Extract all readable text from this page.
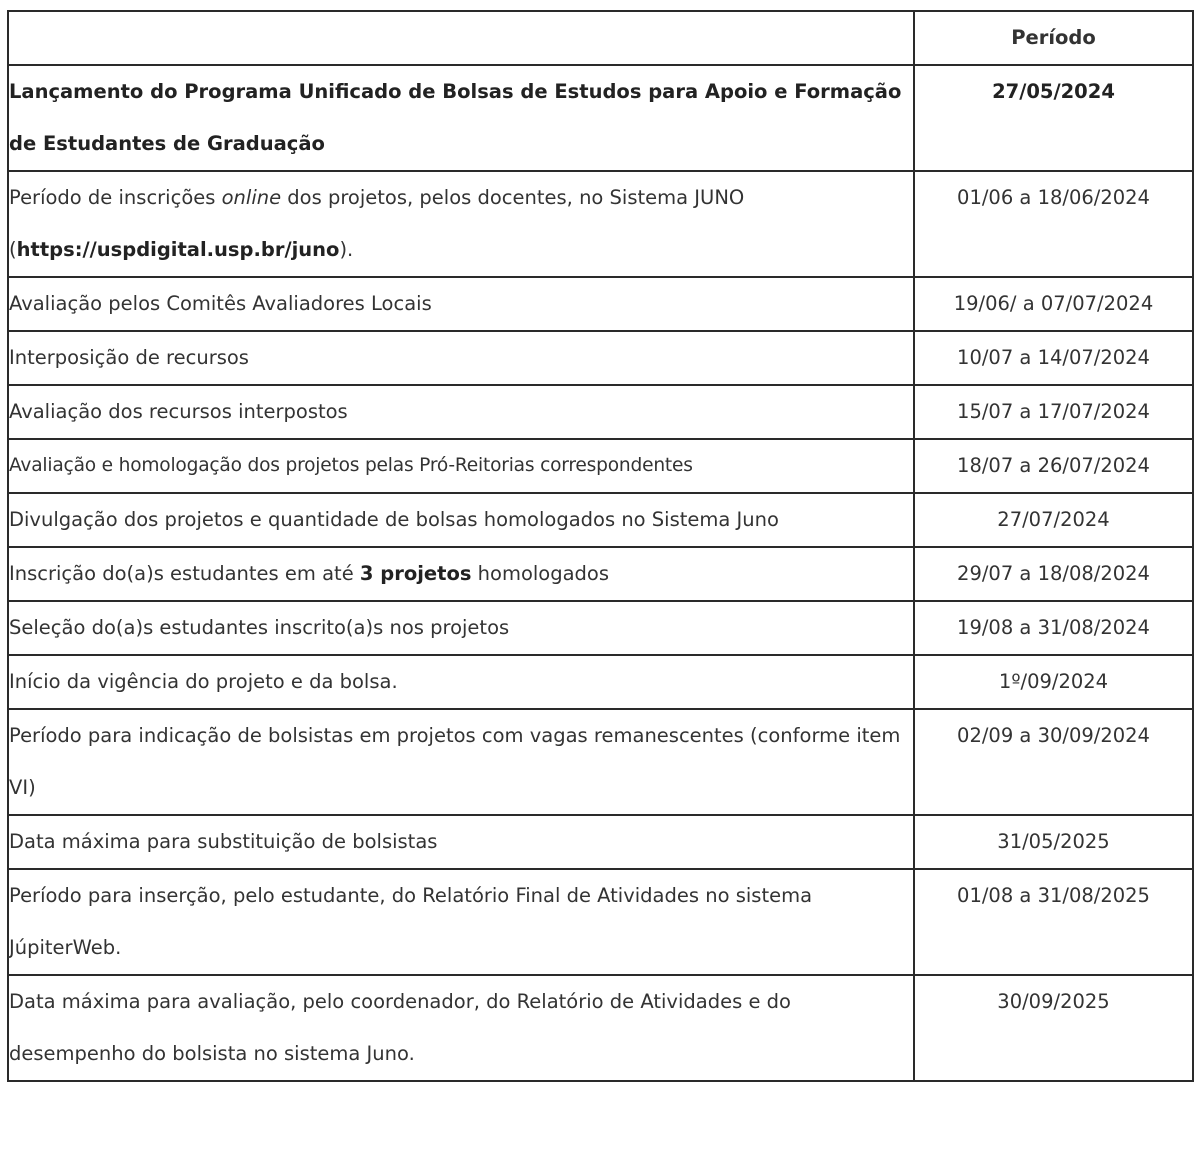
	Período
Lançamento do Programa Unificado de Bolsas de Estudos para Apoio e Formação de Estudantes de Graduação	27/05/2024
Período de inscrições online dos projetos, pelos docentes, no Sistema JUNO (https://uspdigital.usp.br/juno).	01/06 a 18/06/2024
Avaliação pelos Comitês Avaliadores Locais	19/06/ a 07/07/2024
Interposição de recursos	10/07 a 14/07/2024
Avaliação dos recursos interpostos	15/07 a 17/07/2024
Avaliação e homologação dos projetos pelas Pró-Reitorias correspondentes	18/07 a 26/07/2024
Divulgação dos projetos e quantidade de bolsas homologados no Sistema Juno	27/07/2024
Inscrição do(a)s estudantes em até 3 projetos homologados	29/07 a 18/08/2024
Seleção do(a)s estudantes inscrito(a)s nos projetos	19/08 a 31/08/2024
Início da vigência do projeto e da bolsa.	1º/09/2024
Período para indicação de bolsistas em projetos com vagas remanescentes (conforme item VI)	02/09 a 30/09/2024
Data máxima para substituição de bolsistas	31/05/2025
Período para inserção, pelo estudante, do Relatório Final de Atividades no sistema JúpiterWeb.	01/08 a 31/08/2025
Data máxima para avaliação, pelo coordenador, do Relatório de Atividades e do desempenho do bolsista no sistema Juno.	30/09/2025
